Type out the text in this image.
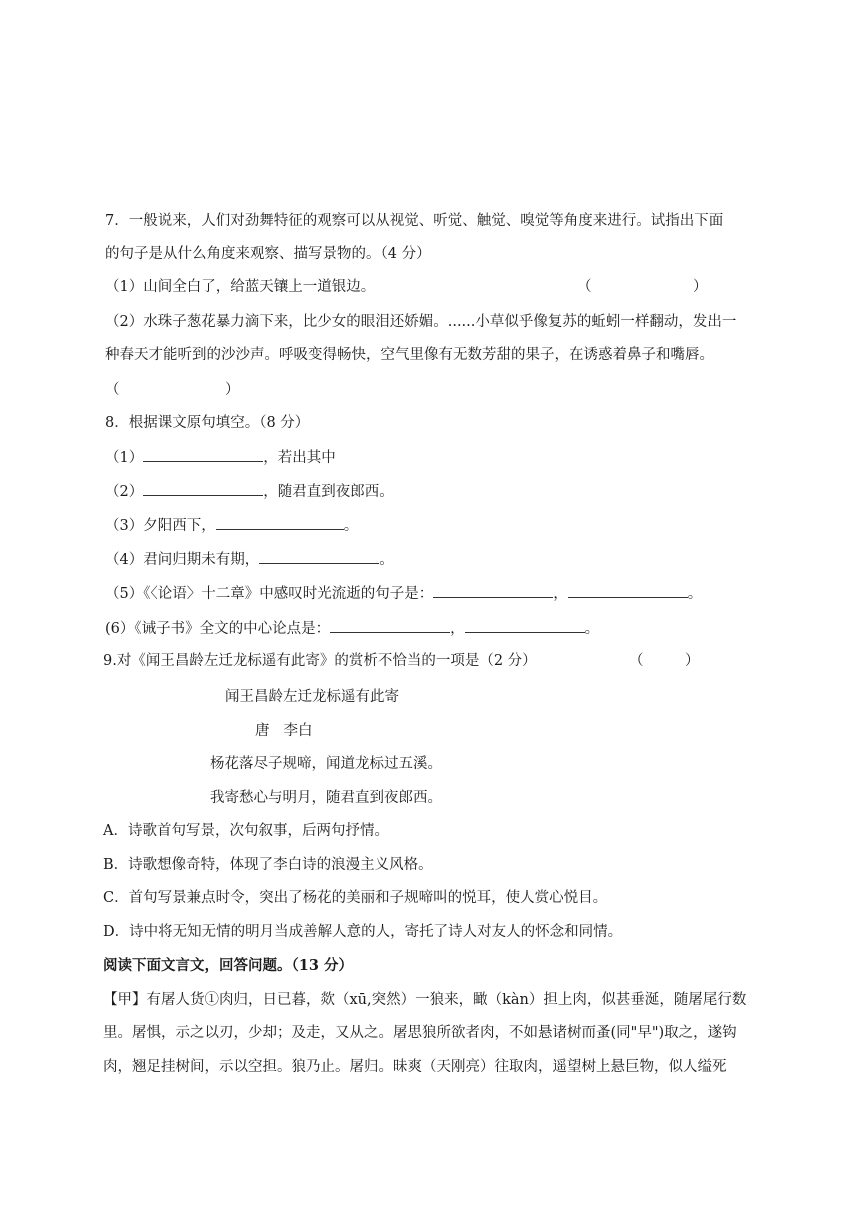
7．一般说来，人们对劲舞特征的观察可以从视觉、听觉、触觉、嗅觉等角度来进行。试指出下面
的句子是从什么角度来观察、描写景物的。（4 分）
（1）山间全白了，给蓝天镶上一道银边。	（	）
（2）水珠子葱花暴力滴下来，比少女的眼泪还娇媚。......小草似乎像复苏的蚯蚓一样翻动，发出一
种春天才能听到的沙沙声。呼吸变得畅快，空气里像有无数芳甜的果子，在诱惑着鼻子和嘴唇。
（	）
8．根据课文原句填空。（8 分）
（1）	，若出其中
（2）	，随君直到夜郎西。
（3）夕阳西下，	。
（4）君问归期未有期，	。
（5）《〈论语〉十二章》中感叹时光流逝的句子是：	，	。
(6）《诫子书》全文的中心论点是：	，	。
9.对《闻王昌龄左迁龙标遥有此寄》的赏析不恰当的一项是（2 分）	（	）
闻王昌龄左迁龙标遥有此寄
唐 李白
杨花落尽子规啼，闻道龙标过五溪。
我寄愁心与明月，随君直到夜郎西。
A．诗歌首句写景，次句叙事，后两句抒情。
B．诗歌想像奇特，体现了李白诗的浪漫主义风格。
C．首句写景兼点时令，突出了杨花的美丽和子规啼叫的悦耳，使人赏心悦目。
D．诗中将无知无情的明月当成善解人意的人，寄托了诗人对友人的怀念和同情。
阅读下面文言文，回答问题。（13 分）
【甲】有屠人货①肉归，日已暮，欻（xū,突然）一狼来，瞰（kàn）担上肉，似甚垂涎，随屠尾行数
里。屠惧，示之以刃，少却；及走，又从之。屠思狼所欲者肉，不如悬诸树而蚤(同"早")取之，遂钩
肉，翘足挂树间，示以空担。狼乃止。屠归。昧爽（天刚亮）往取肉，遥望树上悬巨物，似人缢死
